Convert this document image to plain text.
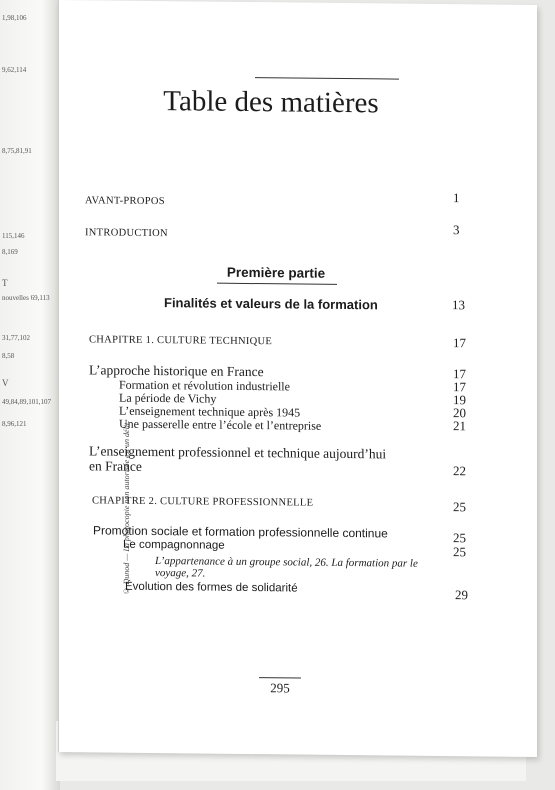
1,98,106
9,62,114
8,75,81,91
115,146
8,169
T
nouvelles 69,113
31,77,102
8,58
V
49,84,89,101,107
8,96,121	© Dunod — La photocopie non autorisée est un délit.
Table des matières
AVANT-PROPOS	1
INTRODUCTION	3
Première partie
Finalités et valeurs de la formation	13
CHAPITRE 1. CULTURE TECHNIQUE	17
L’approche historique en France	17
Formation et révolution industrielle	17
La période de Vichy	19
L’enseignement technique après 1945	20
Une passerelle entre l’école et l’entreprise	21
L’enseignement professionnel et technique aujourd’hui
en France	22
CHAPITRE 2. CULTURE PROFESSIONNELLE	25
Promotion sociale et formation professionnelle continue	25
Le compagnonnage	25
L’appartenance à un groupe social, 26. La formation par le
voyage, 27.
Évolution des formes de solidarité	29
295
